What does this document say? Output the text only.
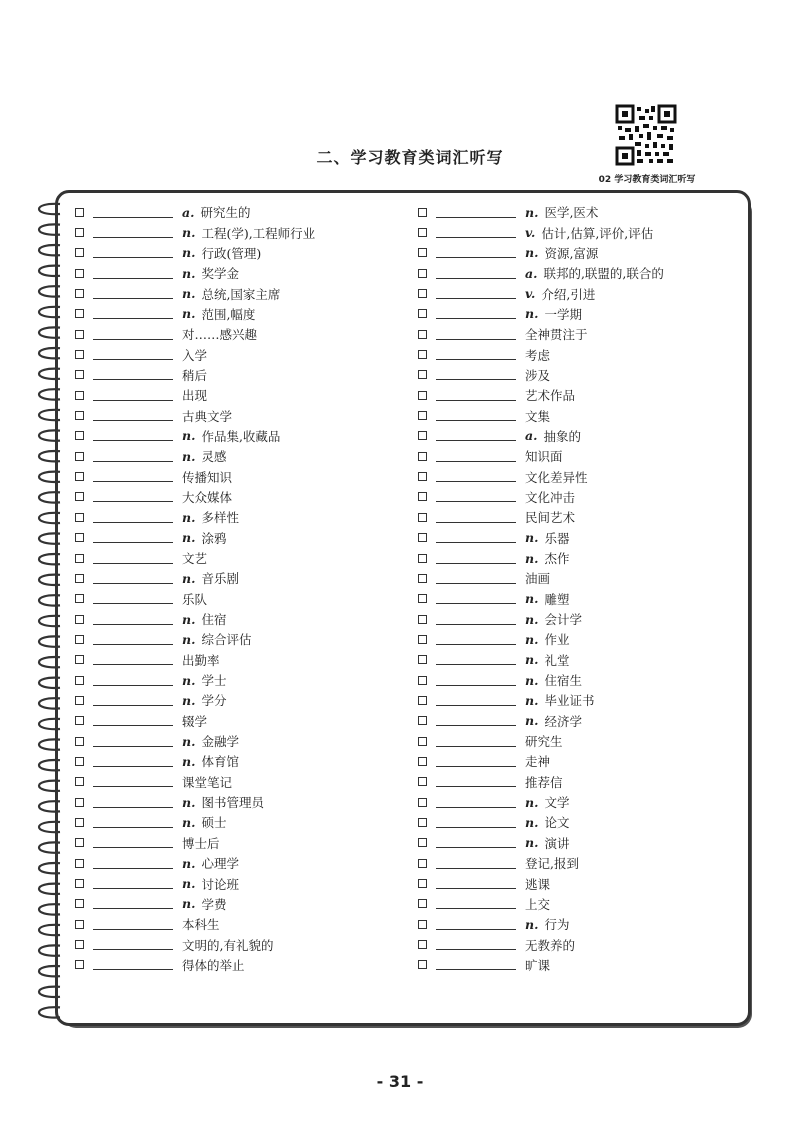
二、学习教育类词汇听写
02 学习教育类词汇听写
a. 研究生的
n. 工程(学),工程师行业
n. 行政(管理)
n. 奖学金
n. 总统,国家主席
n. 范围,幅度
对……感兴趣
入学
稍后
出现
古典文学
n. 作品集,收藏品
n. 灵感
传播知识
大众媒体
n. 多样性
n. 涂鸦
文艺
n. 音乐剧
乐队
n. 住宿
n. 综合评估
出勤率
n. 学士
n. 学分
辍学
n. 金融学
n. 体育馆
课堂笔记
n. 图书管理员
n. 硕士
博士后
n. 心理学
n. 讨论班
n. 学费
本科生
文明的,有礼貌的
得体的举止
n. 医学,医术
v. 估计,估算,评价,评估
n. 资源,富源
a. 联邦的,联盟的,联合的
v. 介绍,引进
n. 一学期
全神贯注于
考虑
涉及
艺术作品
文集
a. 抽象的
知识面
文化差异性
文化冲击
民间艺术
n. 乐器
n. 杰作
油画
n. 雕塑
n. 会计学
n. 作业
n. 礼堂
n. 住宿生
n. 毕业证书
n. 经济学
研究生
走神
推荐信
n. 文学
n. 论文
n. 演讲
登记,报到
逃课
上交
n. 行为
无教养的
旷课
- 31 -
